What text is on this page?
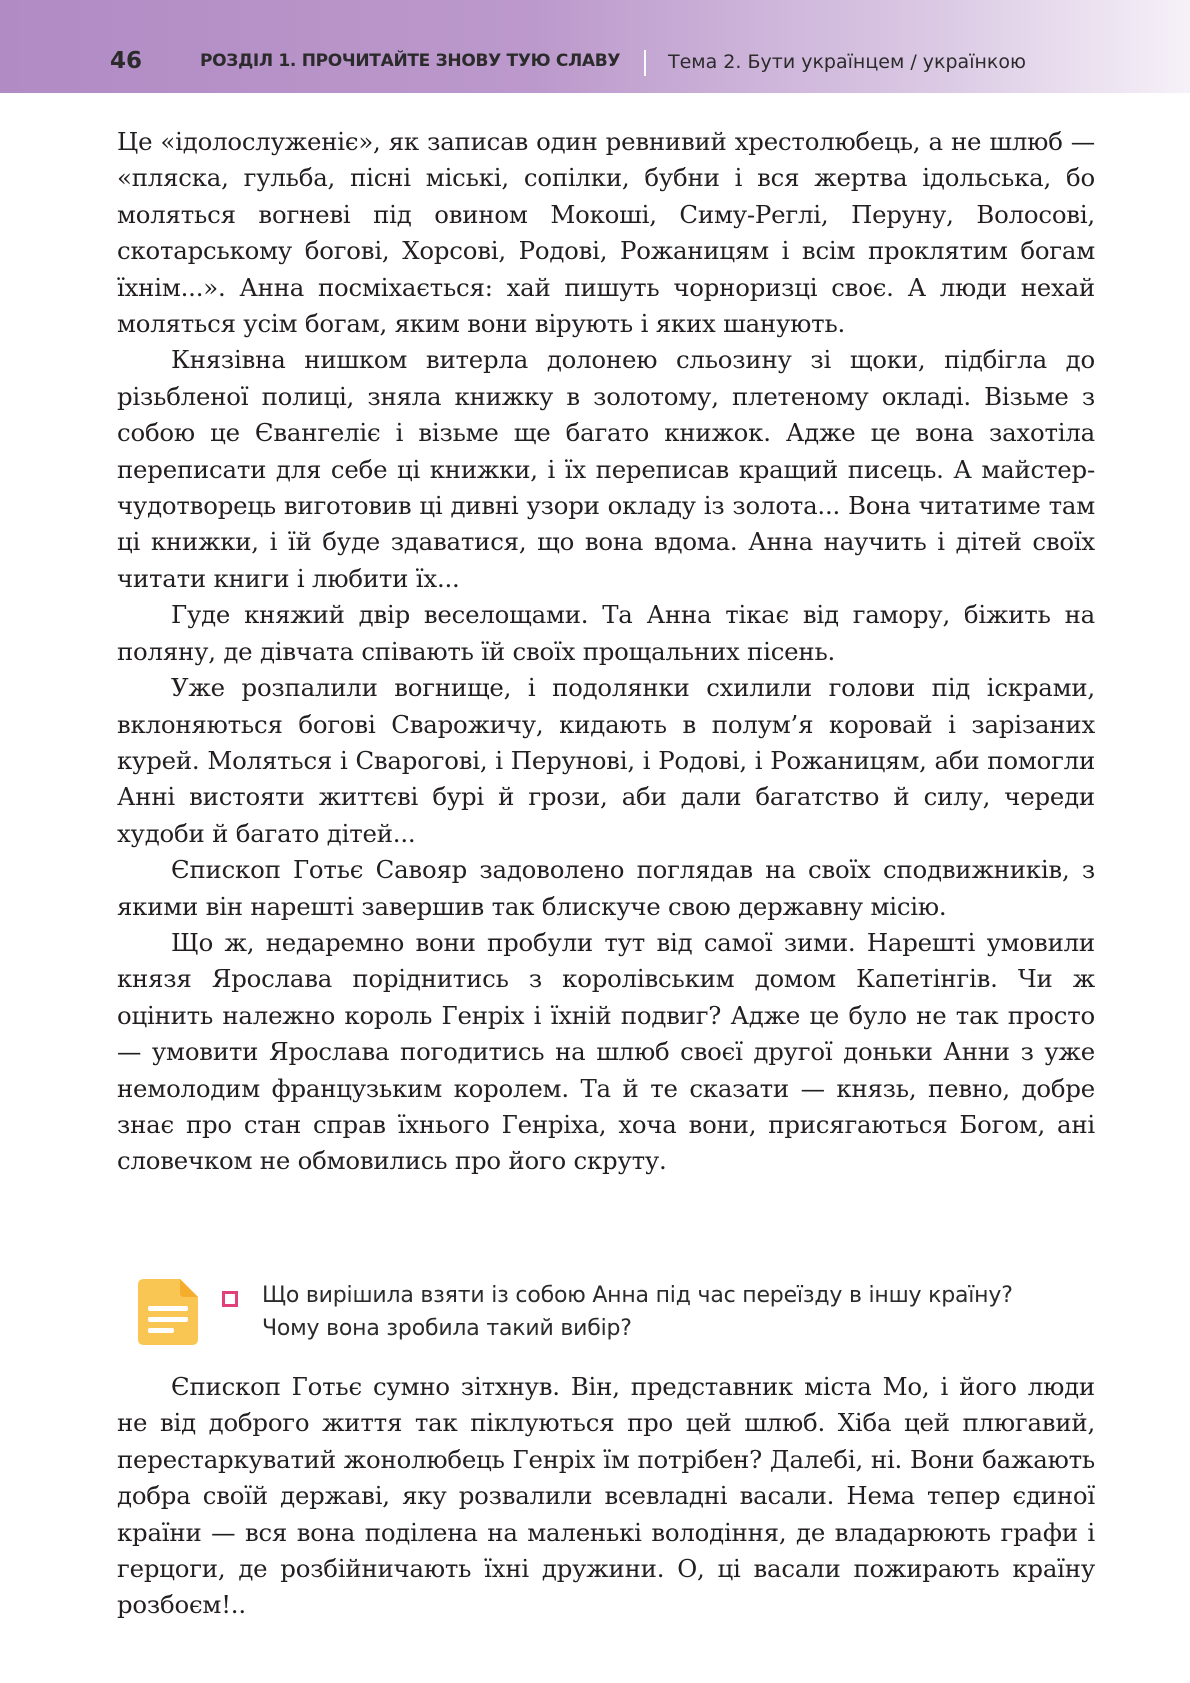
46	РОЗДІЛ 1. ПРОЧИТАЙТЕ ЗНОВУ ТУЮ СЛАВУ	Тема 2. Бути українцем / українкою

Це «ідолослуженіє», як записав один ревнивий хрестолюбець, а не шлюб — «пляска, гульба, пісні міські, сопілки, бубни і вся жертва ідольська, бо моляться вогневі під овином Мокоші, Симу-Реглі, Перуну, Волосові, скотарському богові, Хорсові, Родові, Рожаницям і всім проклятим богам їхнім...». Анна посміхається: хай пишуть чорноризці своє. А люди нехай моляться усім богам, яким вони вірують і яких шанують.

Князівна нишком витерла долонею сльозину зі щоки, підбігла до різьбленої полиці, зняла книжку в золотому, плетеному окладі. Візьме з собою це Євангеліє і візьме ще багато книжок. Адже це вона захотіла переписати для себе ці книжки, і їх переписав кращий писець. А майстер-чудотворець виготовив ці дивні узори окладу із золота... Вона читатиме там ці книжки, і їй буде здаватися, що вона вдома. Анна научить і дітей своїх читати книги і любити їх...

Гуде княжий двір веселощами. Та Анна тікає від гамору, біжить на поляну, де дівчата співають їй своїх прощальних пісень.

Уже розпалили вогнище, і подолянки схилили голови під іскрами, вклоняються богові Сварожичу, кидають в полум’я коровай і зарізаних курей. Моляться і Сварогові, і Перунові, і Родові, і Рожаницям, аби помогли Анні вистояти життєві бурі й грози, аби дали багатство й силу, череди худоби й багато дітей...

Єпископ Готьє Савояр задоволено поглядав на своїх сподвижників, з якими він нарешті завершив так блискуче свою державну місію.

Що ж, недаремно вони пробули тут від самої зими. Нарешті умовили князя Ярослава поріднитись з королівським домом Капетінгів. Чи ж оцінить належно король Генріх і їхній подвиг? Адже це було не так просто — умовити Ярослава погодитись на шлюб своєї другої доньки Анни з уже немолодим французьким королем. Та й те сказати — князь, певно, добре знає про стан справ їхнього Генріха, хоча вони, присягаються Богом, ані словечком не обмовились про його скруту.

Що вирішила взяти із собою Анна під час переїзду в іншу країну?

Чому вона зробила такий вибір?

Єпископ Готьє сумно зітхнув. Він, представник міста Мо, і його люди не від доброго життя так піклуються про цей шлюб. Хіба цей плюгавий, перестаркуватий жонолюбець Генріх їм потрібен? Далебі, ні. Вони бажають добра своїй державі, яку розвалили всевладні васали. Нема тепер єдиної країни — вся вона поділена на маленькі володіння, де владарюють графи і герцоги, де розбійничають їхні дружини. О, ці васали пожирають країну розбоєм!..
